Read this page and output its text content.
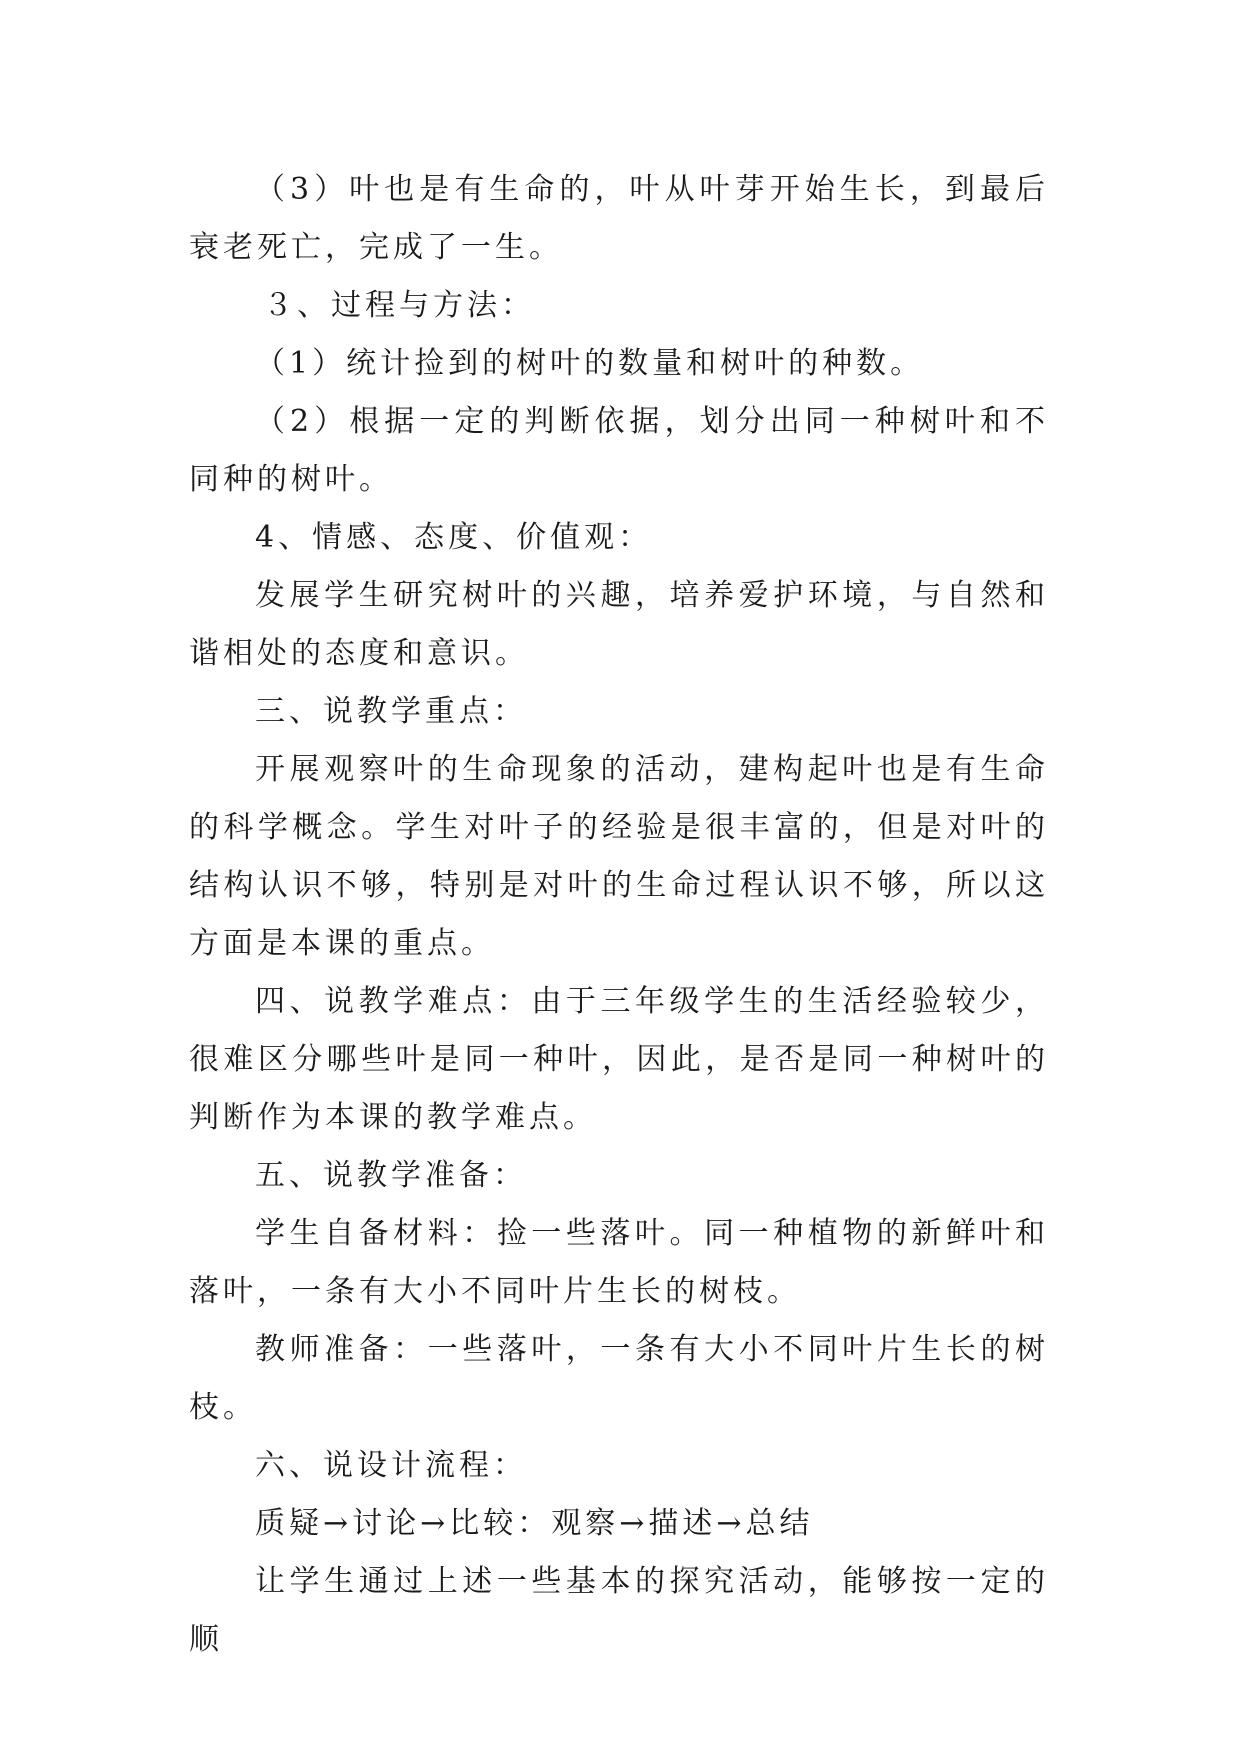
（3）叶也是有生命的，叶从叶芽开始生长，到最后衰老死亡，完成了一生。

３、过程与方法：

（1）统计捡到的树叶的数量和树叶的种数。

（2）根据一定的判断依据，划分出同一种树叶和不同种的树叶。

4、情感、态度、价值观：

发展学生研究树叶的兴趣，培养爱护环境，与自然和谐相处的态度和意识。

三、说教学重点：

开展观察叶的生命现象的活动，建构起叶也是有生命的科学概念。学生对叶子的经验是很丰富的，但是对叶的结构认识不够，特别是对叶的生命过程认识不够，所以这方面是本课的重点。

四、说教学难点：由于三年级学生的生活经验较少，很难区分哪些叶是同一种叶，因此，是否是同一种树叶的判断作为本课的教学难点。

五、说教学准备：

学生自备材料：捡一些落叶。同一种植物的新鲜叶和落叶，一条有大小不同叶片生长的树枝。

教师准备：一些落叶，一条有大小不同叶片生长的树枝。

六、说设计流程：

质疑→讨论→比较：观察→描述→总结

让学生通过上述一些基本的探究活动，能够按一定的顺
